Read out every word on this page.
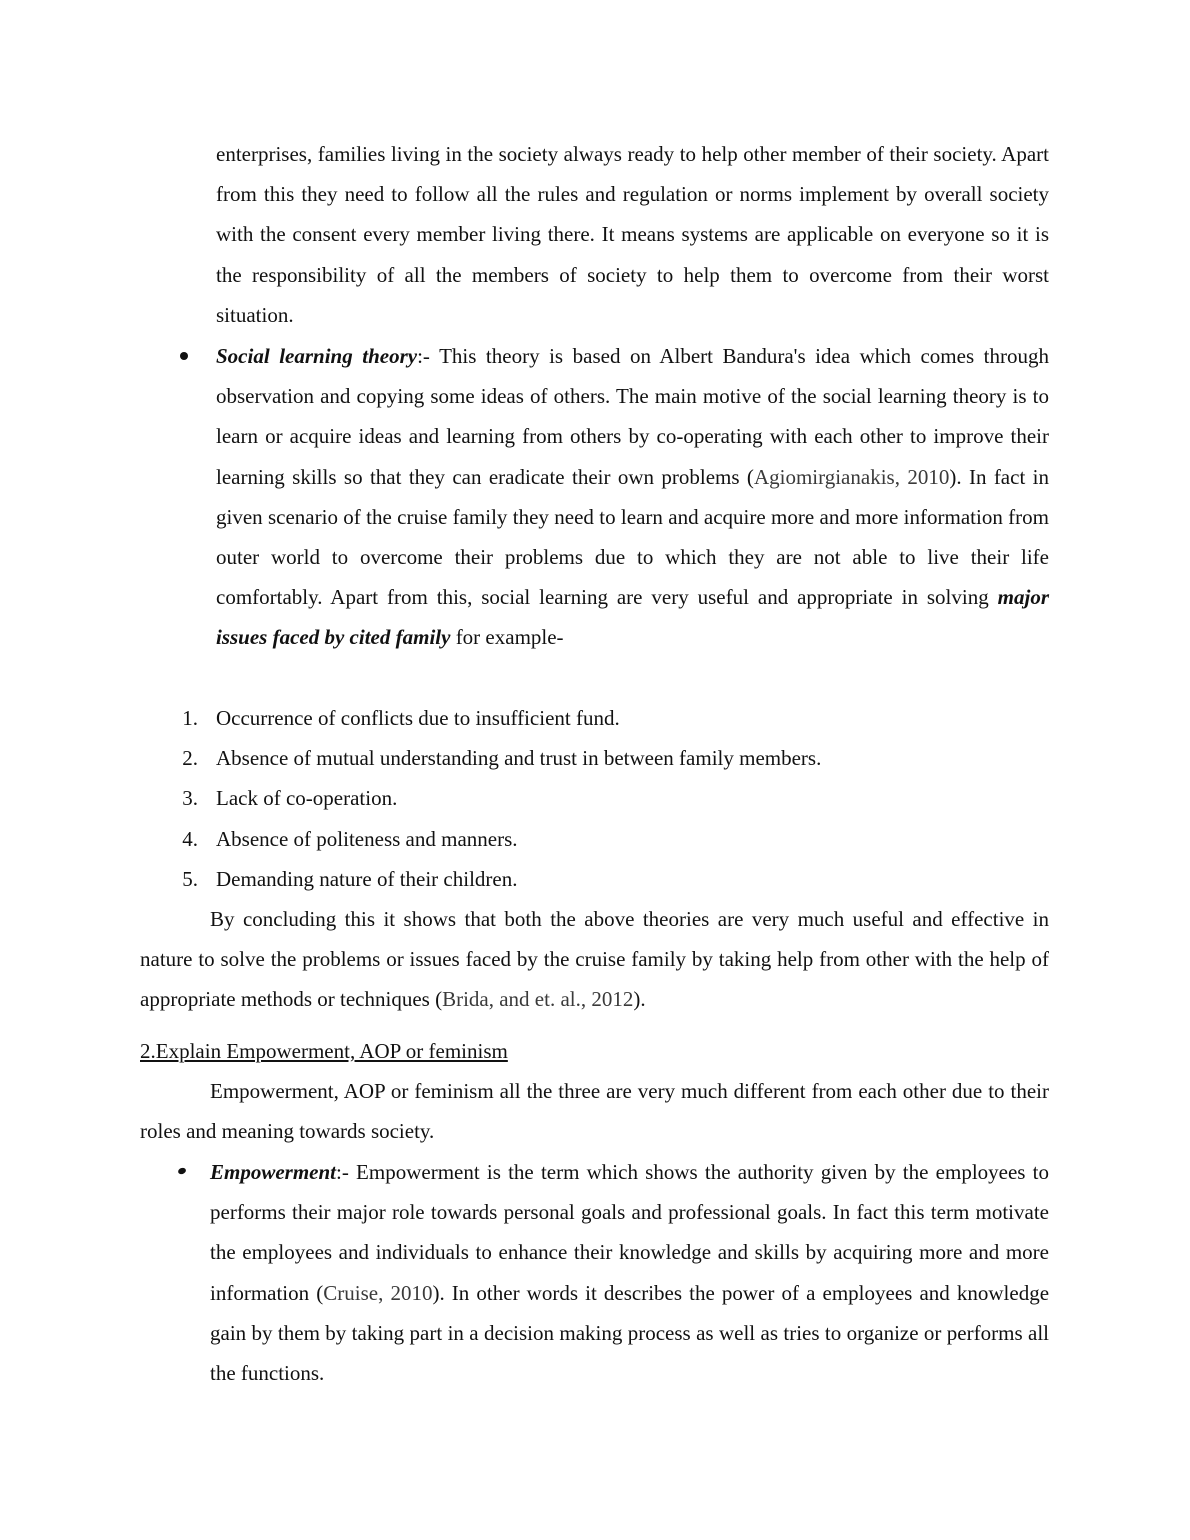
enterprises, families living in the society always ready to help other member of their society. Apart from this they need to follow all the rules and regulation or norms implement by overall society with the consent every member living there. It means systems are applicable on everyone so it is the responsibility of all the members of society to help them to overcome from their worst situation.
Social learning theory:- This theory is based on Albert Bandura's idea which comes through observation and copying some ideas of others. The main motive of the social learning theory is to learn or acquire ideas and learning from others by co-operating with each other to improve their learning skills so that they can eradicate their own problems (Agiomirgianakis, 2010). In fact in given scenario of the cruise family they need to learn and acquire more and more information from outer world to overcome their problems due to which they are not able to live their life comfortably. Apart from this, social learning are very useful and appropriate in solving major issues faced by cited family for example-
1. Occurrence of conflicts due to insufficient fund.
2. Absence of mutual understanding and trust in between family members.
3. Lack of co-operation.
4. Absence of politeness and manners.
5. Demanding nature of their children.
By concluding this it shows that both the above theories are very much useful and effective in nature to solve the problems or issues faced by the cruise family by taking help from other with the help of appropriate methods or techniques (Brida, and et. al., 2012).
2.Explain Empowerment, AOP or feminism
Empowerment, AOP or feminism all the three are very much different from each other due to their roles and meaning towards society.
Empowerment:- Empowerment is the term which shows the authority given by the employees to performs their major role towards personal goals and professional goals. In fact this term motivate the employees and individuals to enhance their knowledge and skills by acquiring more and more information (Cruise, 2010). In other words it describes the power of a employees and knowledge gain by them by taking part in a decision making process as well as tries to organize or performs all the functions.
